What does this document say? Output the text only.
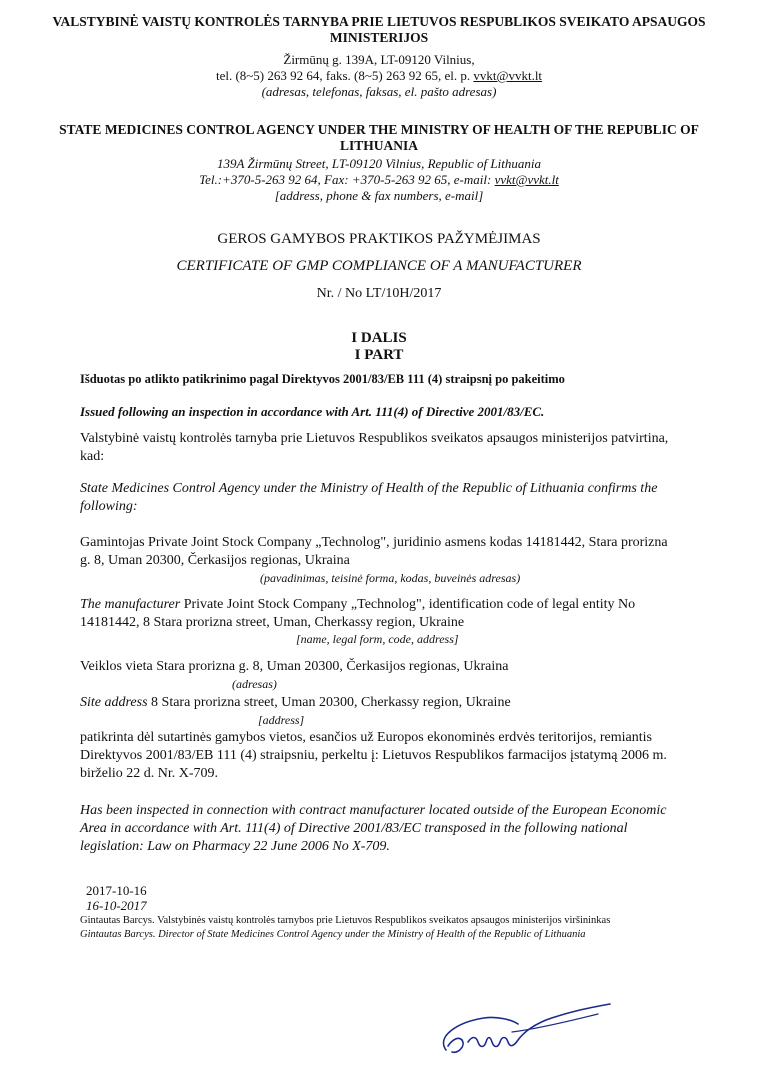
VALSTYBINĖ VAISTŲ KONTROLĖS TARNYBA PRIE LIETUVOS RESPUBLIKOS SVEIKATO APSAUGOS MINISTERIJOS
Žirmūnų g. 139A, LT-09120 Vilnius,
tel. (8~5) 263 92 64, faks. (8~5) 263 92 65, el. p. vvkt@vvkt.lt
(adresas, telefonas, faksas, el. pašto adresas)
STATE MEDICINES CONTROL AGENCY UNDER THE MINISTRY OF HEALTH OF THE REPUBLIC OF LITHUANIA
139A Žirmūnų Street, LT-09120 Vilnius, Republic of Lithuania
Tel.:+370-5-263 92 64, Fax: +370-5-263 92 65, e-mail: vvkt@vvkt.lt
[address, phone & fax numbers, e-mail]
GEROS GAMYBOS PRAKTIKOS PAŽYMĖJIMAS
CERTIFICATE OF GMP COMPLIANCE OF A MANUFACTURER
Nr. / No LT/10H/2017
I DALIS
I PART
Išduotas po atlikto patikrinimo pagal Direktyvos 2001/83/EB 111 (4) straipsnį po pakeitimo
Issued following an inspection in accordance with Art. 111(4) of Directive 2001/83/EC.
Valstybinė vaistų kontrolės tarnyba prie Lietuvos Respublikos sveikatos apsaugos ministerijos patvirtina, kad:
State Medicines Control Agency under the Ministry of Health of the Republic of Lithuania confirms the following:
Gamintojas Private Joint Stock Company „Technolog", juridinio asmens kodas 14181442, Stara prorizna g. 8, Uman 20300, Čerkasijos regionas, Ukraina
(pavadinimas, teisinė forma, kodas, buveinės adresas)
The manufacturer Private Joint Stock Company „Technolog", identification code of legal entity No 14181442, 8 Stara prorizna street, Uman, Cherkassy region, Ukraine
[name, legal form, code, address]
Veiklos vieta Stara prorizna g. 8, Uman 20300, Čerkasijos regionas, Ukraina
(adresas)
Site address 8 Stara prorizna street, Uman 20300, Cherkassy region, Ukraine
[address]
patikrinta dėl sutartinės gamybos vietos, esančios už Europos ekonominės erdvės teritorijos, remiantis Direktyvos 2001/83/EB 111 (4) straipsniu, perkeltu į: Lietuvos Respublikos farmacijos įstatymą 2006 m. birželio 22 d. Nr. X-709.
Has been inspected in connection with contract manufacturer located outside of the European Economic Area in accordance with Art. 111(4) of Directive 2001/83/EC transposed in the following national legislation: Law on Pharmacy 22 June 2006 No X-709.
2017-10-16
16-10-2017
Gintautas Barcys. Valstybinės vaistų kontrolės tarnybos prie Lietuvos Respublikos sveikatos apsaugos ministerijos viršininkas
Gintautas Barcys. Director of State Medicines Control Agency under the Ministry of Health of the Republic of Lithuania
